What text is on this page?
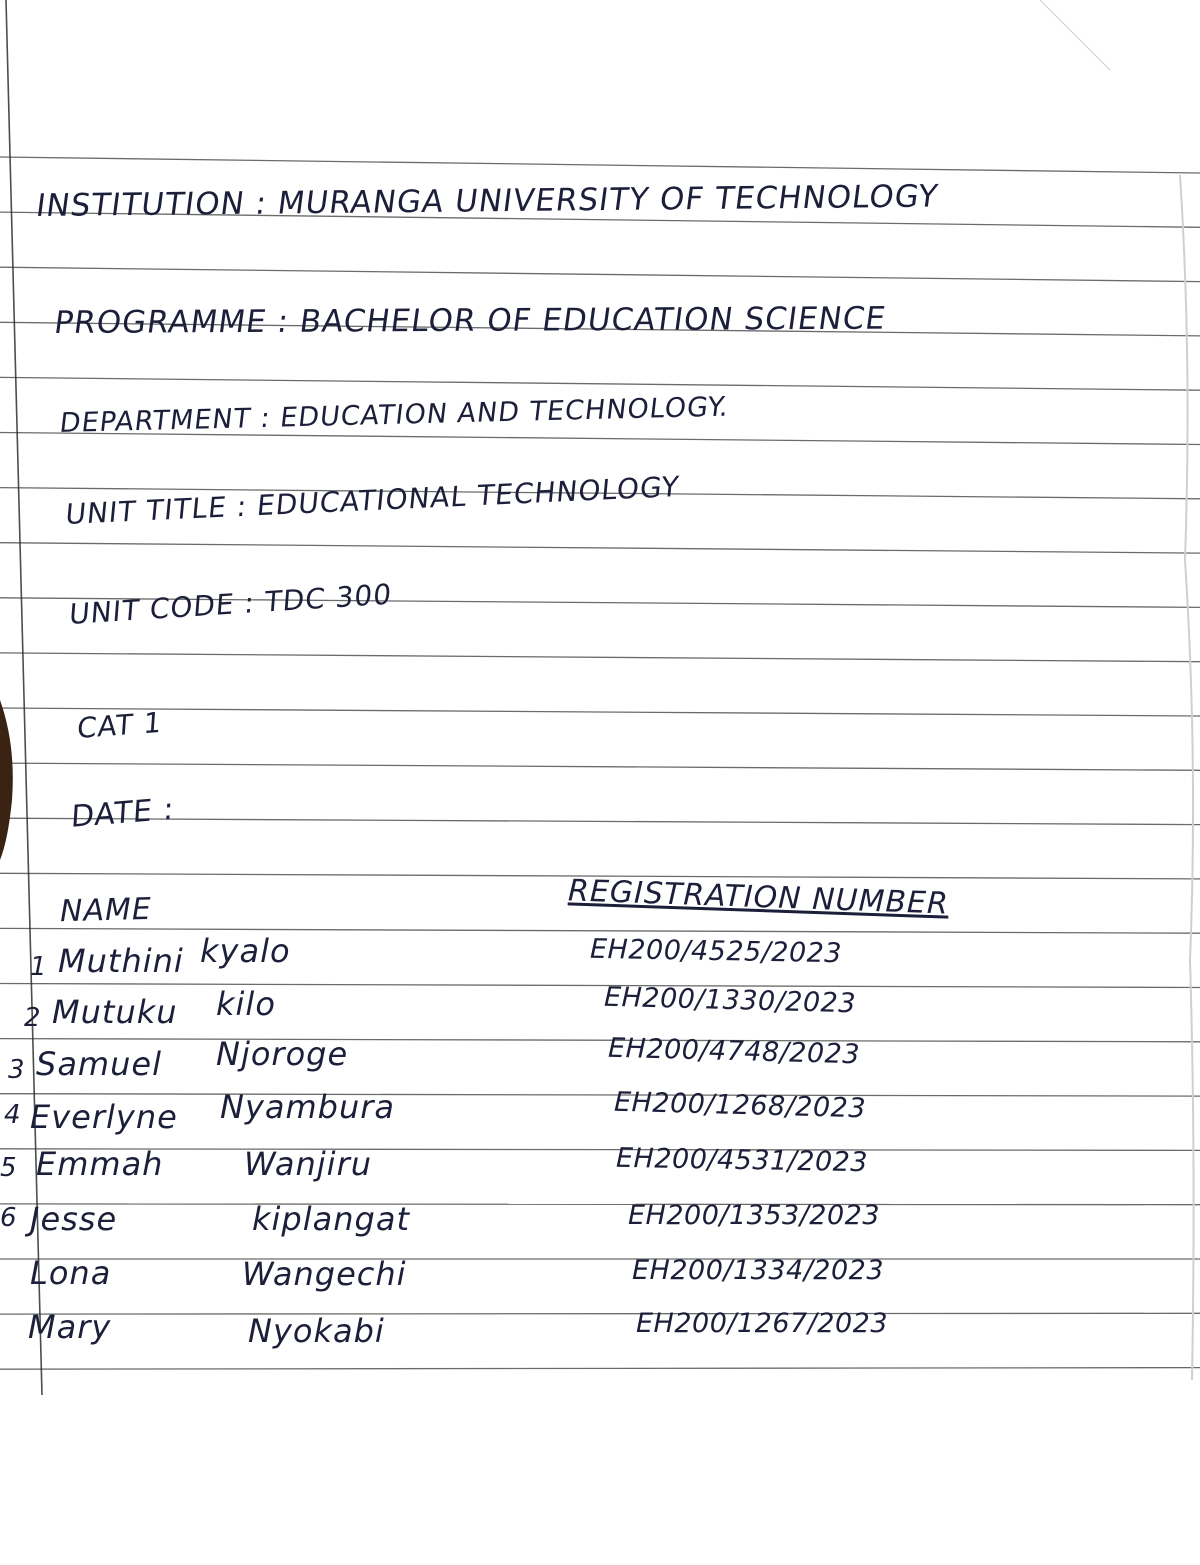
INSTITUTION : MURANGA UNIVERSITY OF TECHNOLOGY
PROGRAMME : BACHELOR OF EDUCATION SCIENCE
DEPARTMENT : EDUCATION AND TECHNOLOGY.
UNIT TITLE : EDUCATIONAL TECHNOLOGY
UNIT CODE : TDC 300
CAT 1
DATE :
NAME	REGISTRATION NUMBER
1 Muthini kyalo	EH200/4525/2023
2 Mutuku kilo	EH200/1330/2023
3 Samuel Njoroge	EH200/4748/2023
4 Everlyne Nyambura	EH200/1268/2023
5 Emmah	Wanjiru	EH200/4531/2023
6 Jesse	kiplangat	EH200/1353/2023
Lona	Wangechi	EH200/1334/2023
Mary	Nyokabi	EH200/1267/2023
